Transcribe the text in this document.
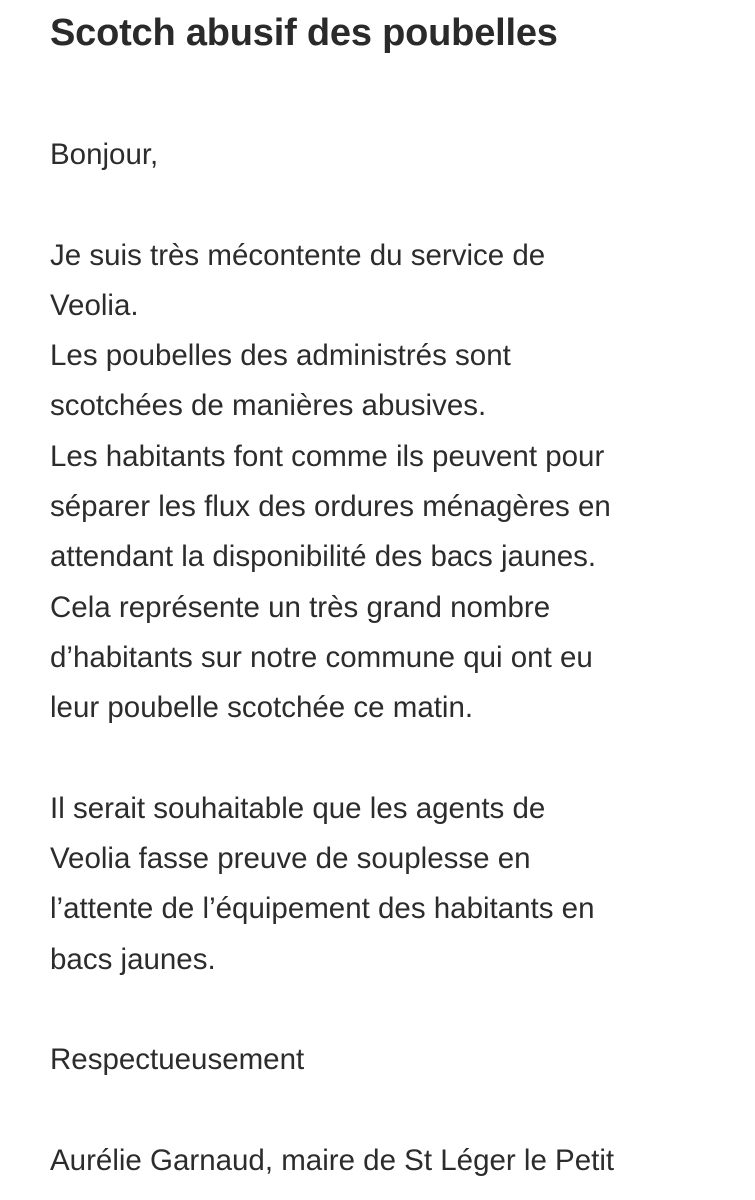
Scotch abusif des poubelles

Bonjour,

Je suis très mécontente du service de

Veolia.

Les poubelles des administrés sont

scotchées de manières abusives.

Les habitants font comme ils peuvent pour

séparer les flux des ordures ménagères en

attendant la disponibilité des bacs jaunes.

Cela représente un très grand nombre

d’habitants sur notre commune qui ont eu

leur poubelle scotchée ce matin.

Il serait souhaitable que les agents de

Veolia fasse preuve de souplesse en

l’attente de l’équipement des habitants en

bacs jaunes.

Respectueusement

Aurélie Garnaud, maire de St Léger le Petit
